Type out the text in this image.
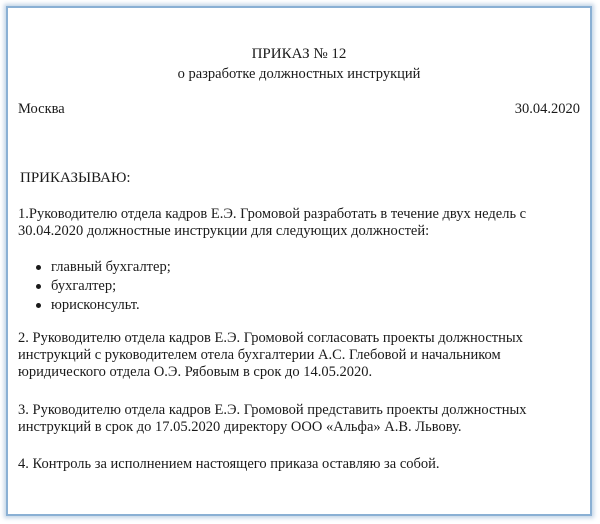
ПРИКАЗ № 12
о разработке должностных инструкций
Москва	30.04.2020
ПРИКАЗЫВАЮ:
1.Руководителю отдела кадров Е.Э. Громовой разработать в течение двух недель с 30.04.2020 должностные инструкции для следующих должностей:
главный бухгалтер;
бухгалтер;
юрисконсульт.
2. Руководителю отдела кадров Е.Э. Громовой согласовать проекты должностных инструкций с руководителем отела бухгалтерии А.С. Глебовой и начальником юридического отдела О.Э. Рябовым в срок до 14.05.2020.
3. Руководителю отдела кадров Е.Э. Громовой представить проекты должностных инструкций в срок до 17.05.2020 директору ООО «Альфа» А.В. Львову.
4. Контроль за исполнением настоящего приказа оставляю за собой.
